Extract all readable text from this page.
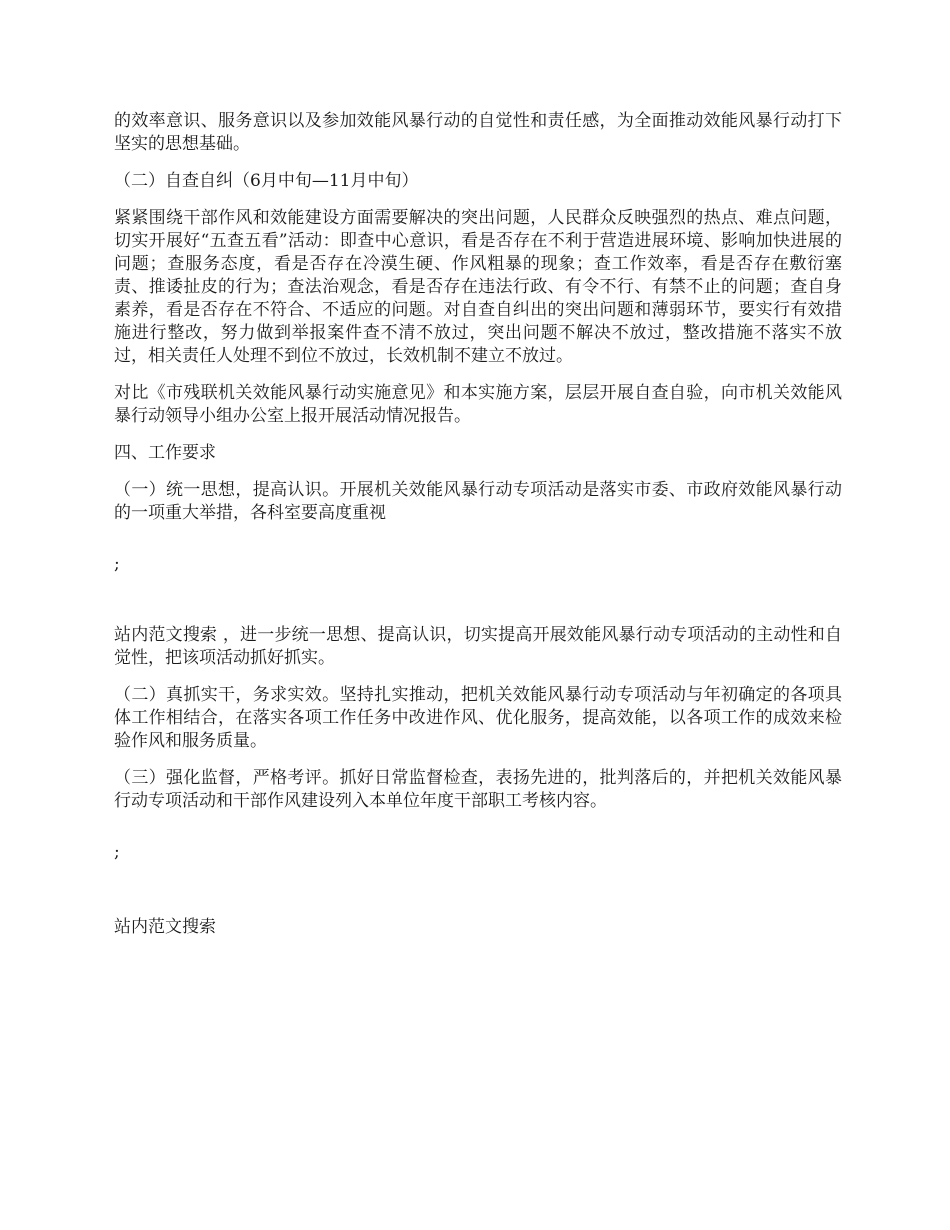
的效率意识、服务意识以及参加效能风暴行动的自觉性和责任感，为全面推动效能风暴行动打下坚实的思想基础。

（二）自查自纠（6月中旬—11月中旬）

紧紧围绕干部作风和效能建设方面需要解决的突出问题，人民群众反映强烈的热点、难点问题，切实开展好“五查五看”活动：即查中心意识，看是否存在不利于营造进展环境、影响加快进展的问题；查服务态度，看是否存在冷漠生硬、作风粗暴的现象；查工作效率，看是否存在敷衍塞责、推诿扯皮的行为；查法治观念，看是否存在违法行政、有令不行、有禁不止的问题；查自身素养，看是否存在不符合、不适应的问题。对自查自纠出的突出问题和薄弱环节，要实行有效措施进行整改，努力做到举报案件查不清不放过，突出问题不解决不放过，整改措施不落实不放过，相关责任人处理不到位不放过，长效机制不建立不放过。

对比《市残联机关效能风暴行动实施意见》和本实施方案，层层开展自查自验，向市机关效能风暴行动领导小组办公室上报开展活动情况报告。

四、工作要求

（一）统一思想，提高认识。开展机关效能风暴行动专项活动是落实市委、市政府效能风暴行动的一项重大举措，各科室要高度重视

;

站内范文搜索 ，进一步统一思想、提高认识，切实提高开展效能风暴行动专项活动的主动性和自觉性，把该项活动抓好抓实。

（二）真抓实干，务求实效。坚持扎实推动，把机关效能风暴行动专项活动与年初确定的各项具体工作相结合，在落实各项工作任务中改进作风、优化服务，提高效能，以各项工作的成效来检验作风和服务质量。

（三）强化监督，严格考评。抓好日常监督检查，表扬先进的，批判落后的，并把机关效能风暴行动专项活动和干部作风建设列入本单位年度干部职工考核内容。

;

站内范文搜索
